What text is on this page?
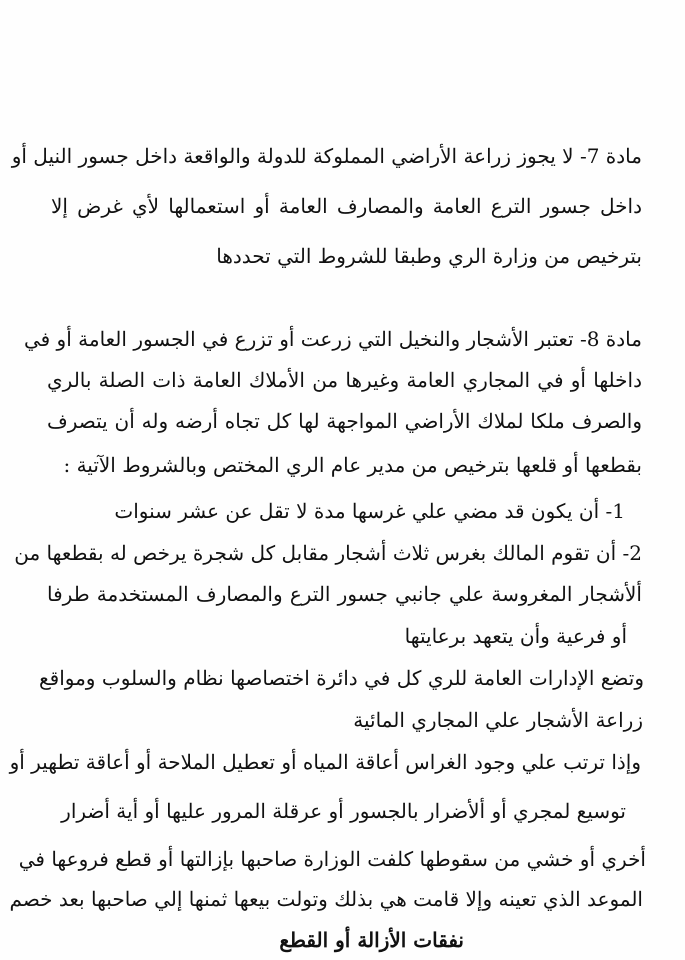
مادة 7- لا يجوز زراعة الأراضي المملوكة للدولة والواقعة داخل جسور النيل أو
داخل جسور الترع العامة والمصارف العامة أو استعمالها لأي غرض إلا
بترخيص من وزارة الري وطبقا للشروط التي تحددها
مادة 8- تعتبر الأشجار والنخيل التي زرعت أو تزرع في الجسور العامة أو في
داخلها أو في المجاري العامة وغيرها من الأملاك العامة ذات الصلة بالري
والصرف ملكا لملاك الأراضي المواجهة لها كل تجاه أرضه وله أن يتصرف
بقطعها أو قلعها بترخيص من مدير عام الري المختص وبالشروط الآتية :
1- أن يكون قد مضي علي غرسها مدة لا تقل عن عشر سنوات
2- أن تقوم المالك بغرس ثلاث أشجار مقابل كل شجرة يرخص له بقطعها من
ألأشجار المغروسة علي جانبي جسور الترع والمصارف المستخدمة طرفا
أو فرعية وأن يتعهد برعايتها
وتضع الإدارات العامة للري كل في دائرة اختصاصها نظام والسلوب ومواقع
زراعة الأشجار علي المجاري المائية
وإذا ترتب علي وجود الغراس أعاقة المياه أو تعطيل الملاحة أو أعاقة تطهير أو
توسيع لمجري أو ألأضرار بالجسور أو عرقلة المرور عليها أو أية أضرار
أخري أو خشي من سقوطها كلفت الوزارة صاحبها بإزالتها أو قطع فروعها في
الموعد الذي تعينه وإلا قامت هي بذلك وتولت بيعها ثمنها إلي صاحبها بعد خصم
نفقات الأزالة أو القطع
